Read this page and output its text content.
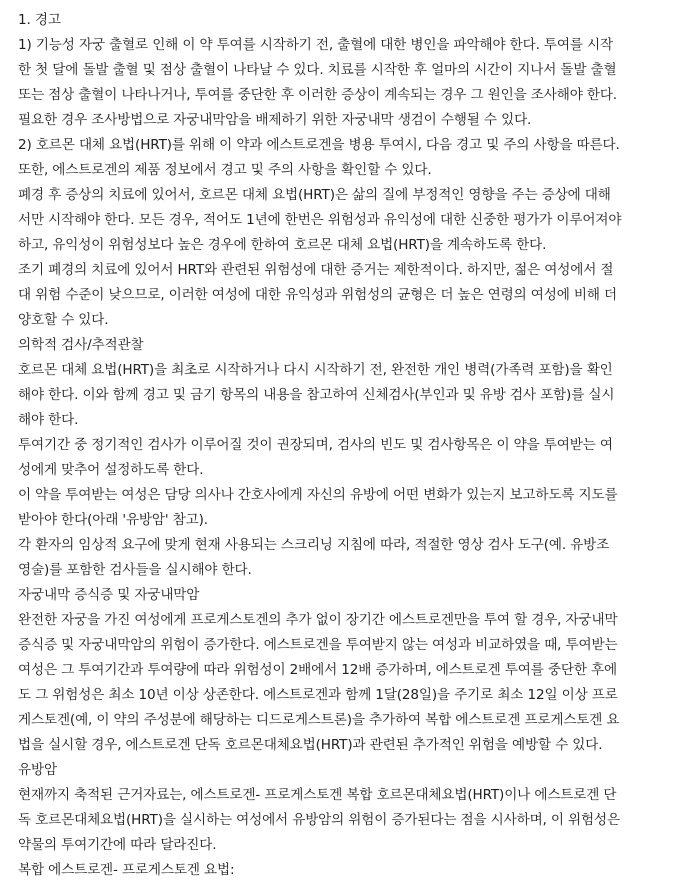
1. 경고
1) 기능성 자궁 출혈로 인해 이 약 투여를 시작하기 전, 출혈에 대한 병인을 파악해야 한다. 투여를 시작
한 첫 달에 돌발 출혈 및 점상 출혈이 나타날 수 있다. 치료를 시작한 후 얼마의 시간이 지나서 돌발 출혈
또는 점상 출혈이 나타나거나, 투여를 중단한 후 이러한 증상이 계속되는 경우 그 원인을 조사해야 한다.
필요한 경우 조사방법으로 자궁내막암을 배제하기 위한 자궁내막 생검이 수행될 수 있다.
2) 호르몬 대체 요법(HRT)를 위해 이 약과 에스트로겐을 병용 투여시, 다음 경고 및 주의 사항을 따른다.
또한, 에스트로겐의 제품 정보에서 경고 및 주의 사항을 확인할 수 있다.
폐경 후 증상의 치료에 있어서, 호르몬 대체 요법(HRT)은 삶의 질에 부정적인 영향을 주는 증상에 대해
서만 시작해야 한다. 모든 경우, 적어도 1년에 한번은 위험성과 유익성에 대한 신중한 평가가 이루어져야
하고, 유익성이 위험성보다 높은 경우에 한하여 호르몬 대체 요법(HRT)을 계속하도록 한다.
조기 폐경의 치료에 있어서 HRT와 관련된 위험성에 대한 증거는 제한적이다. 하지만, 젊은 여성에서 절
대 위험 수준이 낮으므로, 이러한 여성에 대한 유익성과 위험성의 균형은 더 높은 연령의 여성에 비해 더
양호할 수 있다.
의학적 검사/추적관찰
호르몬 대체 요법(HRT)을 최초로 시작하거나 다시 시작하기 전, 완전한 개인 병력(가족력 포함)을 확인
해야 한다. 이와 함께 경고 및 금기 항목의 내용을 참고하여 신체검사(부인과 및 유방 검사 포함)를 실시
해야 한다.
투여기간 중 정기적인 검사가 이루어질 것이 권장되며, 검사의 빈도 및 검사항목은 이 약을 투여받는 여
성에게 맞추어 설정하도록 한다.
이 약을 투여받는 여성은 담당 의사나 간호사에게 자신의 유방에 어떤 변화가 있는지 보고하도록 지도를
받아야 한다(아래 '유방암' 참고).
각 환자의 임상적 요구에 맞게 현재 사용되는 스크리닝 지침에 따라, 적절한 영상 검사 도구(예. 유방조
영술)를 포함한 검사들을 실시해야 한다.
자궁내막 증식증 및 자궁내막암
완전한 자궁을 가진 여성에게 프로게스토겐의 추가 없이 장기간 에스트로겐만을 투여 할 경우, 자궁내막
증식증 및 자궁내막암의 위험이 증가한다. 에스트로겐을 투여받지 않는 여성과 비교하였을 때, 투여받는
여성은 그 투여기간과 투여량에 따라 위험성이 2배에서 12배 증가하며, 에스트로겐 투여를 중단한 후에
도 그 위험성은 최소 10년 이상 상존한다. 에스트로겐과 함께 1달(28일)을 주기로 최소 12일 이상 프로
게스토겐(예, 이 약의 주성분에 해당하는 디드로게스트론)을 추가하여 복합 에스트로겐 프로게스토겐 요
법을 실시할 경우, 에스트로겐 단독 호르몬대체요법(HRT)과 관련된 추가적인 위험을 예방할 수 있다.
유방암
현재까지 축적된 근거자료는, 에스트로겐- 프로게스토겐 복합 호르몬대체요법(HRT)이나 에스트로겐 단
독 호르몬대체요법(HRT)을 실시하는 여성에서 유방암의 위험이 증가된다는 점을 시사하며, 이 위험성은
약물의 투여기간에 따라 달라진다.
복합 에스트로겐- 프로게스토겐 요법:
